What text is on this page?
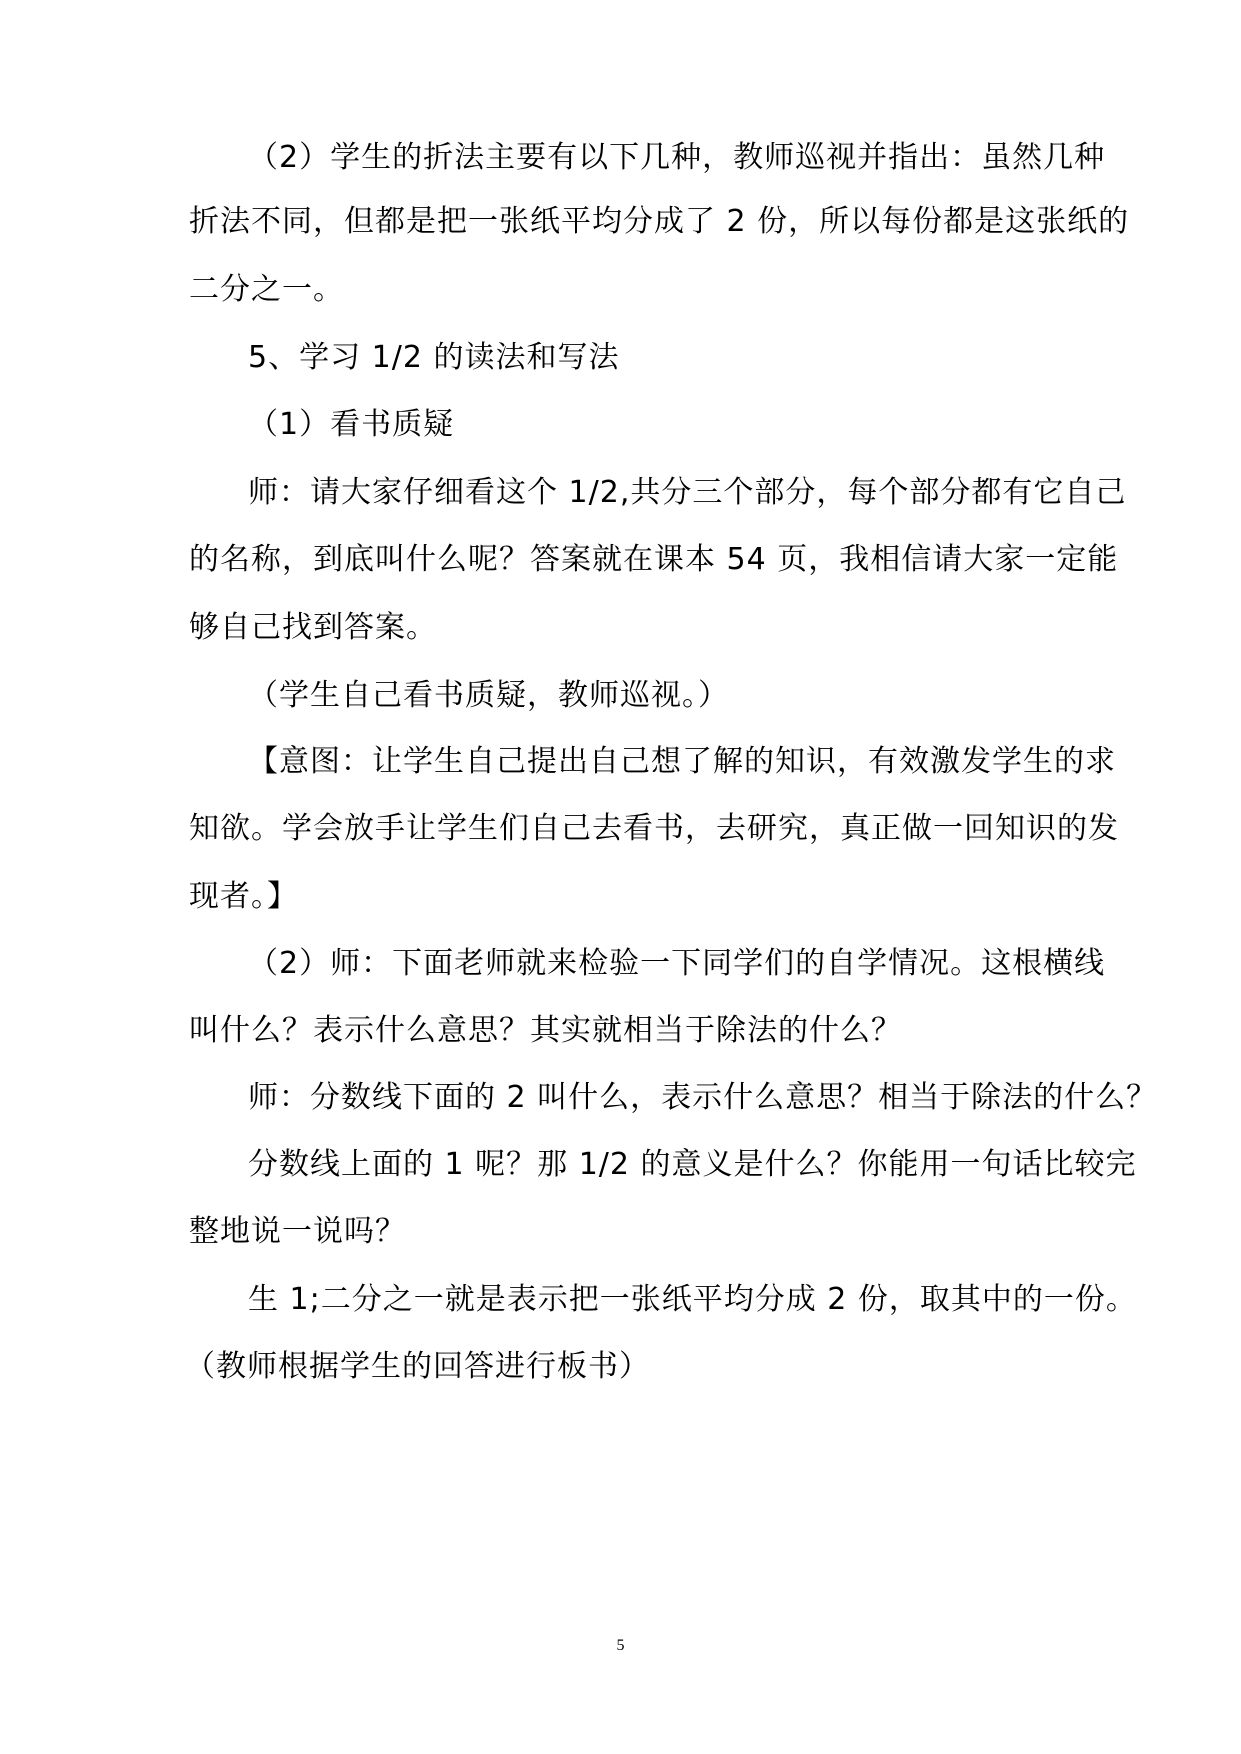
（2）学生的折法主要有以下几种，教师巡视并指出：虽然几种
折法不同，但都是把一张纸平均分成了 2 份，所以每份都是这张纸的
二分之一。
5、学习 1/2 的读法和写法
（1）看书质疑
师：请大家仔细看这个 1/2,共分三个部分，每个部分都有它自己
的名称，到底叫什么呢？答案就在课本 54 页，我相信请大家一定能
够自己找到答案。
（学生自己看书质疑，教师巡视。）
【意图：让学生自己提出自己想了解的知识，有效激发学生的求
知欲。学会放手让学生们自己去看书，去研究，真正做一回知识的发
现者。】
（2）师：下面老师就来检验一下同学们的自学情况。这根横线
叫什么？表示什么意思？其实就相当于除法的什么？
师：分数线下面的 2 叫什么，表示什么意思？相当于除法的什么？
分数线上面的 1 呢？那 1/2 的意义是什么？你能用一句话比较完
整地说一说吗？
生 1;二分之一就是表示把一张纸平均分成 2 份，取其中的一份。
（教师根据学生的回答进行板书）
5
